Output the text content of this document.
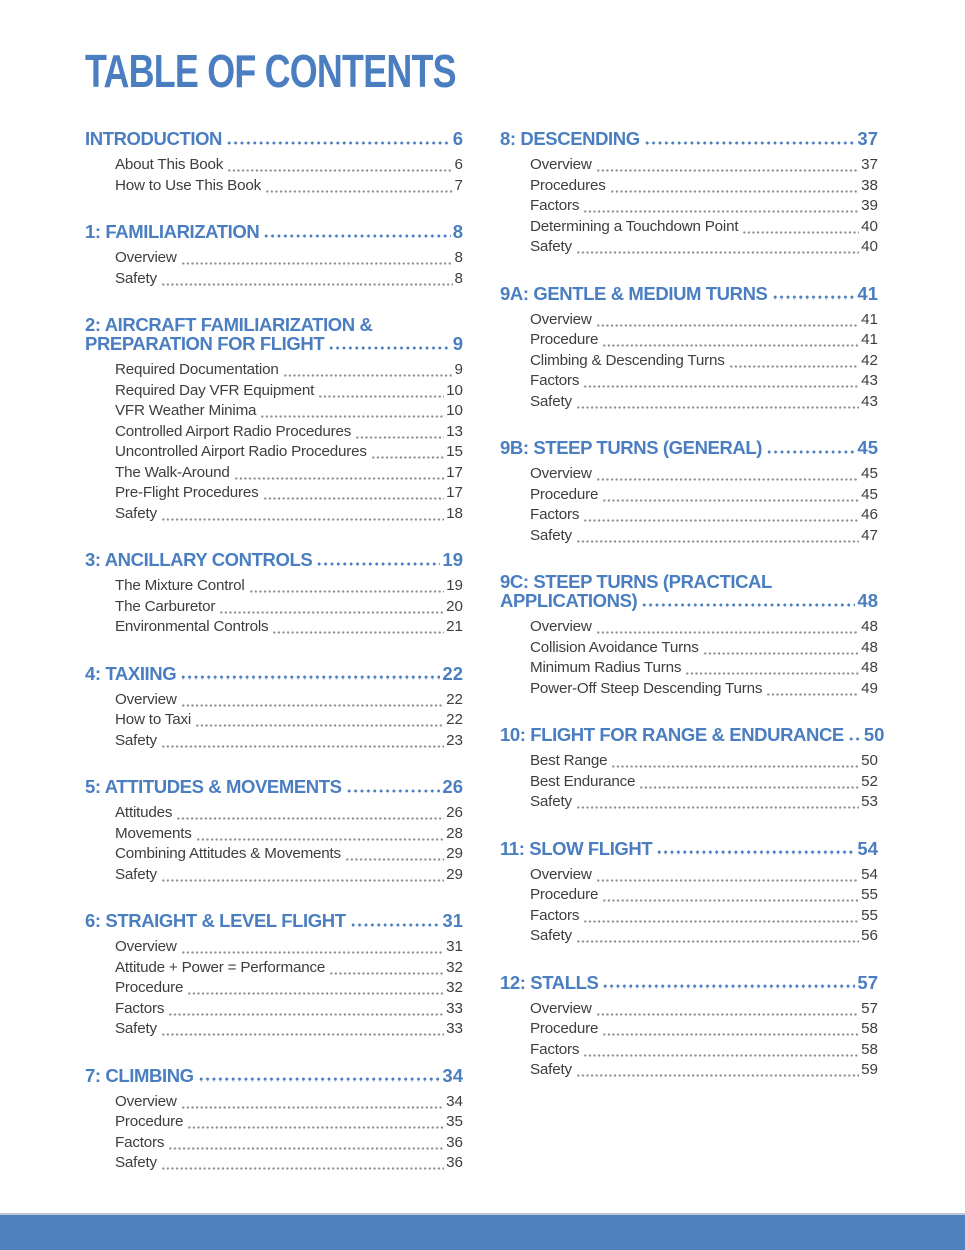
TABLE OF CONTENTS
INTRODUCTION	6
About This Book	6
How to Use This Book	7
1: FAMILIARIZATION	8
Overview	8
Safety	8
2: AIRCRAFT FAMILIARIZATION &
PREPARATION FOR FLIGHT	9
Required Documentation	9
Required Day VFR Equipment	10
VFR Weather Minima	10
Controlled Airport Radio Procedures	13
Uncontrolled Airport Radio Procedures	15
The Walk-Around	17
Pre-Flight Procedures	17
Safety	18
3: ANCILLARY CONTROLS	19
The Mixture Control	19
The Carburetor	20
Environmental Controls	21
4: TAXIING	22
Overview	22
How to Taxi	22
Safety	23
5: ATTITUDES & MOVEMENTS	26
Attitudes	26
Movements	28
Combining Attitudes & Movements	29
Safety	29
6: STRAIGHT & LEVEL FLIGHT	31
Overview	31
Attitude + Power = Performance	32
Procedure	32
Factors	33
Safety	33
7: CLIMBING	34
Overview	34
Procedure	35
Factors	36
Safety	36
8: DESCENDING	37
Overview	37
Procedures	38
Factors	39
Determining a Touchdown Point	40
Safety	40
9A: GENTLE & MEDIUM TURNS	41
Overview	41
Procedure	41
Climbing & Descending Turns	42
Factors	43
Safety	43
9B: STEEP TURNS (GENERAL)	45
Overview	45
Procedure	45
Factors	46
Safety	47
9C: STEEP TURNS (PRACTICAL
APPLICATIONS)	48
Overview	48
Collision Avoidance Turns	48
Minimum Radius Turns	48
Power-Off Steep Descending Turns	49
10: FLIGHT FOR RANGE & ENDURANCE 50
Best Range	50
Best Endurance	52
Safety	53
11: SLOW FLIGHT	54
Overview	54
Procedure	55
Factors	55
Safety	56
12: STALLS	57
Overview	57
Procedure	58
Factors	58
Safety	59
